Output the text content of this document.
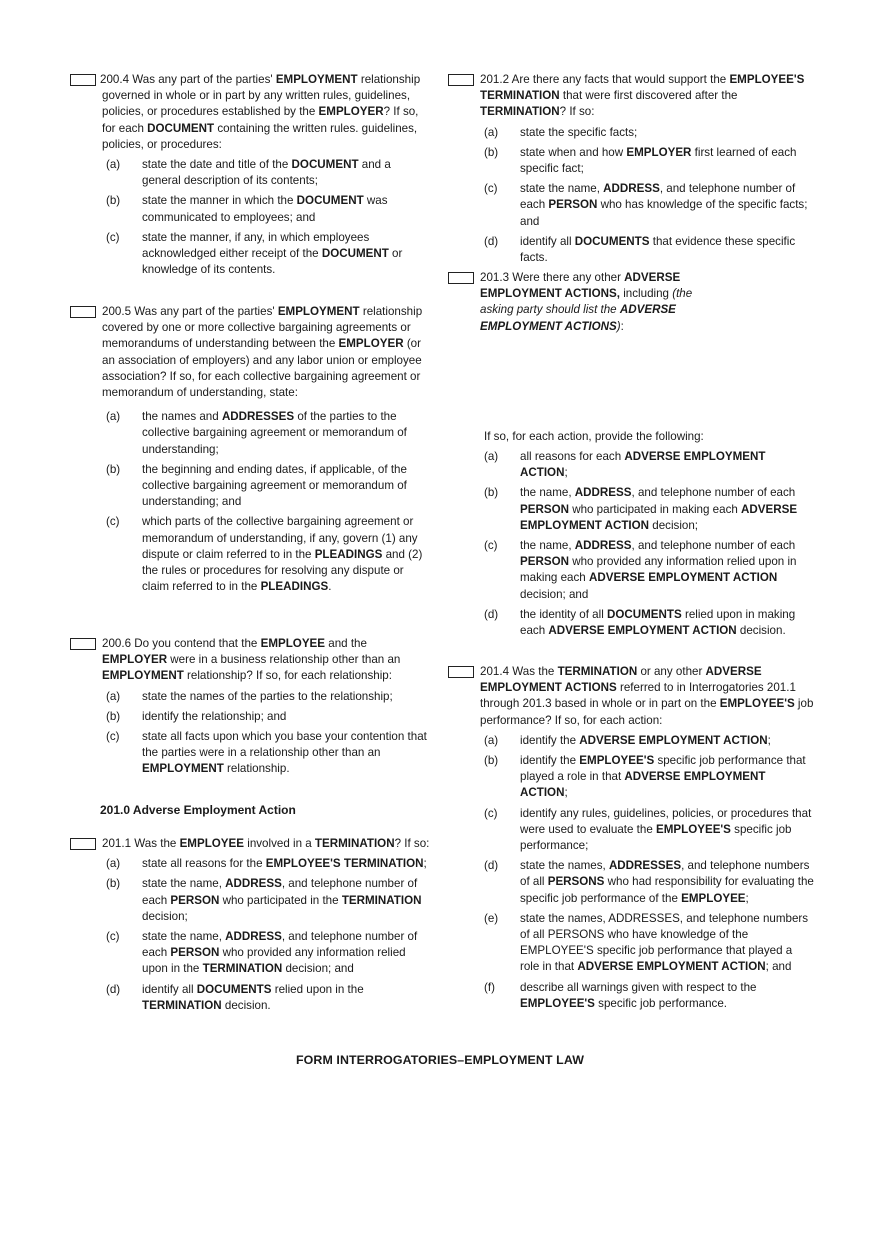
200.4 Was any part of the parties' EMPLOYMENT relationship governed in whole or in part by any written rules, guidelines, policies, or procedures established by the EMPLOYER? If so, for each DOCUMENT containing the written rules. guidelines, policies, or procedures:
(a) state the date and title of the DOCUMENT and a general description of its contents;
(b) state the manner in which the DOCUMENT was communicated to employees; and
(c) state the manner, if any, in which employees acknowledged either receipt of the DOCUMENT or knowledge of its contents.
200.5 Was any part of the parties' EMPLOYMENT relationship covered by one or more collective bargaining agreements or memorandums of understanding between the EMPLOYER (or an association of employers) and any labor union or employee association? If so, for each collective bargaining agreement or memorandum of understanding, state:
(a) the names and ADDRESSES of the parties to the collective bargaining agreement or memorandum of understanding;
(b) the beginning and ending dates, if applicable, of the collective bargaining agreement or memorandum of understanding; and
(c) which parts of the collective bargaining agreement or memorandum of understanding, if any, govern (1) any dispute or claim referred to in the PLEADINGS and (2) the rules or procedures for resolving any dispute or claim referred to in the PLEADINGS.
200.6 Do you contend that the EMPLOYEE and the EMPLOYER were in a business relationship other than an EMPLOYMENT relationship? If so, for each relationship:
(a) state the names of the parties to the relationship;
(b) identify the relationship; and
(c) state all facts upon which you base your contention that the parties were in a relationship other than an EMPLOYMENT relationship.
201.0 Adverse Employment Action
201.1 Was the EMPLOYEE involved in a TERMINATION? If so:
(a) state all reasons for the EMPLOYEE'S TERMINATION;
(b) state the name, ADDRESS, and telephone number of each PERSON who participated in the TERMINATION decision;
(c) state the name, ADDRESS, and telephone number of each PERSON who provided any information relied upon in the TERMINATION decision; and
(d) identify all DOCUMENTS relied upon in the TERMINATION decision.
201.2 Are there any facts that would support the EMPLOYEE'S TERMINATION that were first discovered after the TERMINATION? If so:
(a) state the specific facts;
(b) state when and how EMPLOYER first learned of each specific fact;
(c) state the name, ADDRESS, and telephone number of each PERSON who has knowledge of the specific facts; and
(d) identify all DOCUMENTS that evidence these specific facts.
201.3 Were there any other ADVERSE EMPLOYMENT ACTIONS, including (the asking party should list the ADVERSE EMPLOYMENT ACTIONS):
If so, for each action, provide the following:
(a) all reasons for each ADVERSE EMPLOYMENT ACTION;
(b) the name, ADDRESS, and telephone number of each PERSON who participated in making each ADVERSE EMPLOYMENT ACTION decision;
(c) the name, ADDRESS, and telephone number of each PERSON who provided any information relied upon in making each ADVERSE EMPLOYMENT ACTION decision; and
(d) the identity of all DOCUMENTS relied upon in making each ADVERSE EMPLOYMENT ACTION decision.
201.4 Was the TERMINATION or any other ADVERSE EMPLOYMENT ACTIONS referred to in Interrogatories 201.1 through 201.3 based in whole or in part on the EMPLOYEE'S job performance? If so, for each action:
(a) identify the ADVERSE EMPLOYMENT ACTION;
(b) identify the EMPLOYEE'S specific job performance that played a role in that ADVERSE EMPLOYMENT ACTION;
(c) identify any rules, guidelines, policies, or procedures that were used to evaluate the EMPLOYEE'S specific job performance;
(d) state the names, ADDRESSES, and telephone numbers of all PERSONS who had responsibility for evaluating the specific job performance of the EMPLOYEE;
(e) state the names, ADDRESSES, and telephone numbers of all PERSONS who have knowledge of the EMPLOYEE'S specific job performance that played a role in that ADVERSE EMPLOYMENT ACTION; and
(f) describe all warnings given with respect to the EMPLOYEE'S specific job performance.
FORM INTERROGATORIES–EMPLOYMENT LAW
